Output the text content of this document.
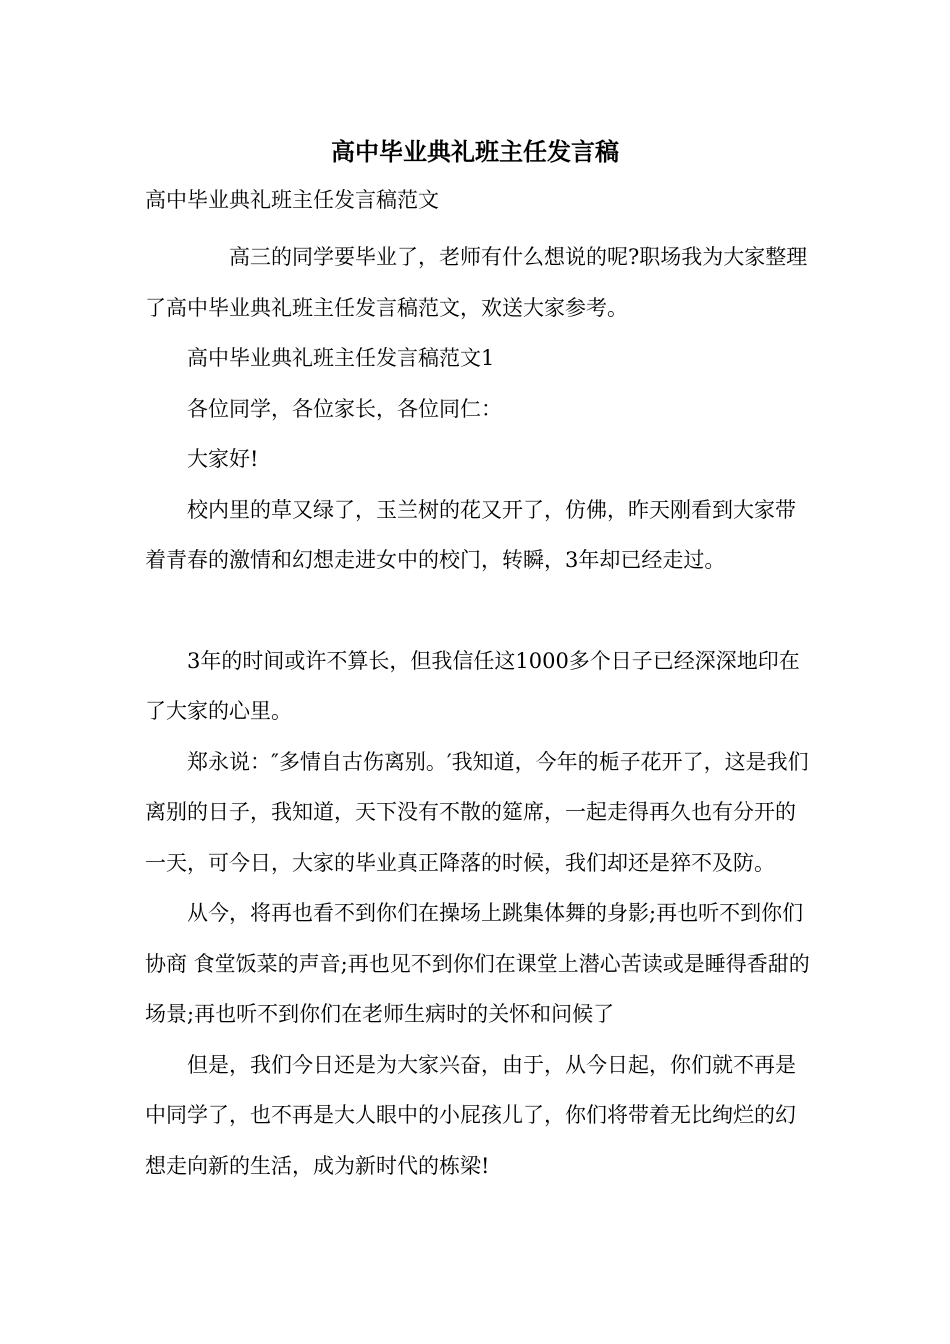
高中毕业典礼班主任发言稿

高中毕业典礼班主任发言稿范文

高三的同学要毕业了，老师有什么想说的呢?职场我为大家整理了高中毕业典礼班主任发言稿范文，欢送大家参考。

高中毕业典礼班主任发言稿范文1

各位同学，各位家长，各位同仁：

大家好!

校内里的草又绿了，玉兰树的花又开了，仿佛，昨天刚看到大家带着青春的激情和幻想走进女中的校门，转瞬，3年却已经走过。

3年的时间或许不算长，但我信任这1000多个日子已经深深地印在了大家的心里。

郑永说：″多情自古伤离别。′我知道，今年的栀子花开了，这是我们离别的日子，我知道，天下没有不散的筵席，一起走得再久也有分开的一天，可今日，大家的毕业真正降落的时候，我们却还是猝不及防。

从今，将再也看不到你们在操场上跳集体舞的身影;再也听不到你们协商 食堂饭菜的声音;再也见不到你们在课堂上潜心苦读或是睡得香甜的场景;再也听不到你们在老师生病时的关怀和问候了

但是，我们今日还是为大家兴奋，由于，从今日起，你们就不再是中同学了，也不再是大人眼中的小屁孩儿了，你们将带着无比绚烂的幻想走向新的生活，成为新时代的栋梁!
